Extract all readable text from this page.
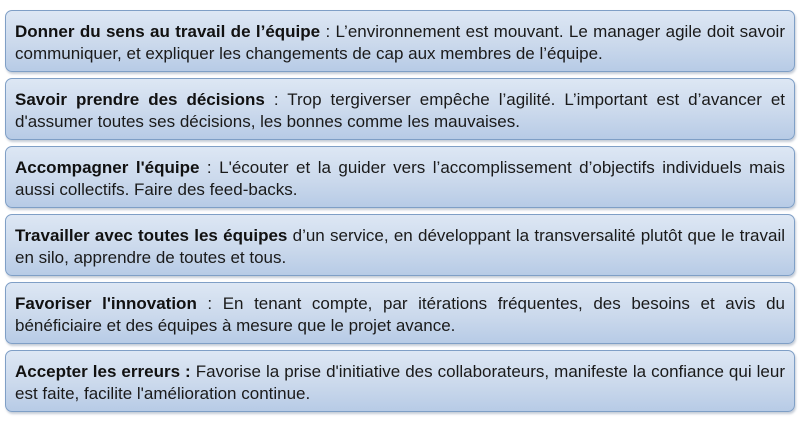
Donner du sens au travail de l’équipe : L’environnement est mouvant. Le manager agile doit savoir communiquer, et expliquer les changements de cap aux membres de l’équipe.
Savoir prendre des décisions : Trop tergiverser empêche l’agilité. L’important est d’avancer et d'assumer toutes ses décisions, les bonnes comme les mauvaises.
Accompagner l'équipe : L'écouter et la guider vers l’accomplissement d’objectifs individuels mais aussi collectifs. Faire des feed-backs.
Travailler avec toutes les équipes d’un service, en développant la transversalité plutôt que le travail en silo, apprendre de toutes et tous.
Favoriser l'innovation : En tenant compte, par itérations fréquentes, des besoins et avis du bénéficiaire et des équipes à mesure que le projet avance.
Accepter les erreurs : Favorise la prise d'initiative des collaborateurs, manifeste la confiance qui leur est faite, facilite l'amélioration continue.
